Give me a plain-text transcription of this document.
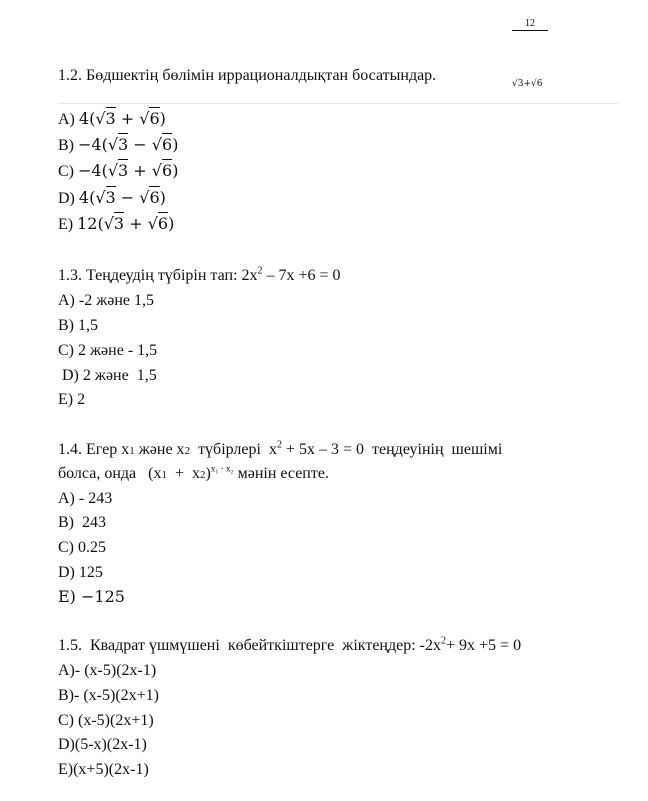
12
1.2. Бөдшектің бөлімін иррационалдықтан босатындар.	√3+√6
A) 4(√3 + √6)
B) −4(√3 − √6)
C) −4(√3 + √6)
D) 4(√3 − √6)
E) 12(√3 + √6)
1.3. Теңдеудің түбірін тап: $2x^2 - 7x +6 = 0$
A) -2 және 1,5
B) 1,5
C) 2 және - 1,5
D) 2 және  1,5
E) 2
1.4. Егер x1 және x2  түбірлері  $x^2 + 5x - 3 = 0$  теңдеуінің  шешімі
болса, онда   $(x1 + x2)^{x_1 \cdot x_2}$ мәнін есепте.
A) - 243
B)  243
C) 0.25
D) 125
E) −125
1.5.  Квадрат үшмүшені  көбейткіштерге  жіктеңдер: $-2x^2+ 9x +5 = 0$
A)- (x-5)(2x-1)
B)- (x-5)(2x+1)
C) (x-5)(2x+1)
D)(5-x)(2x-1)
E)(x+5)(2x-1)
